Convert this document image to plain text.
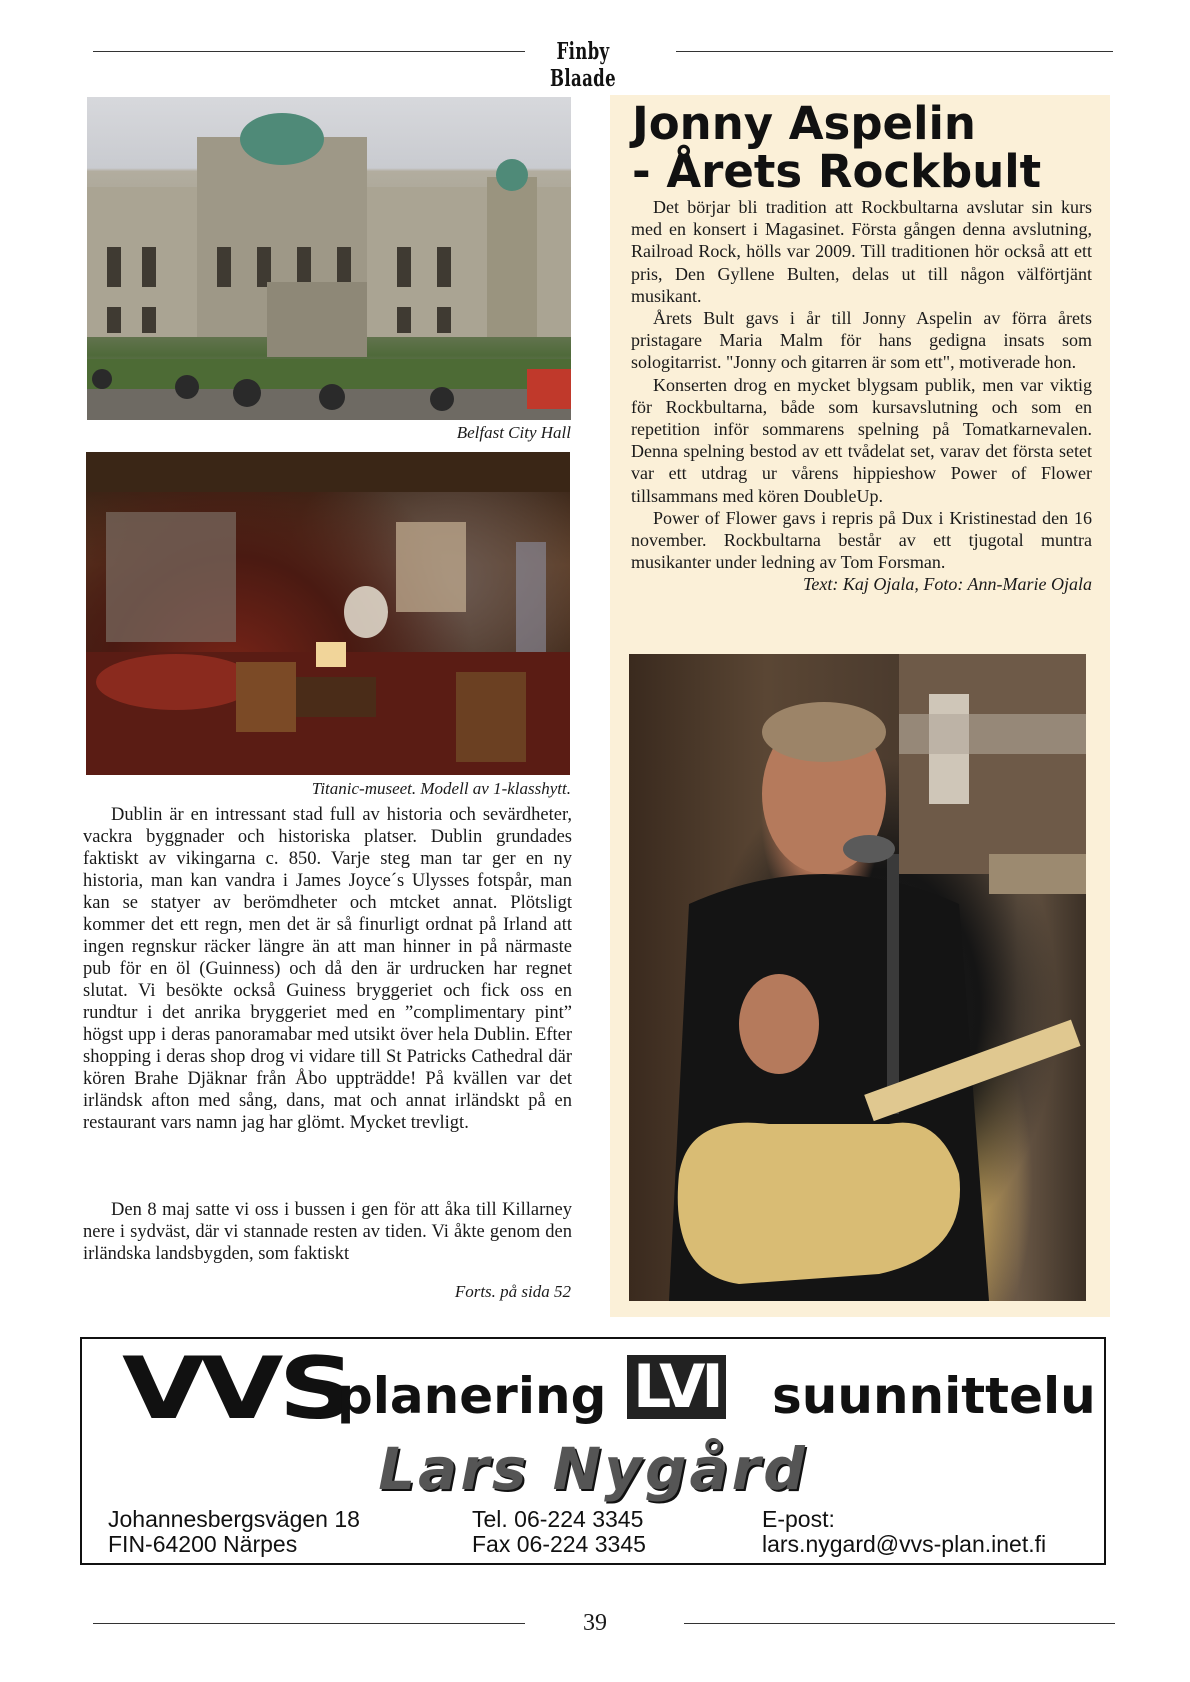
Finby Blaade
Belfast City Hall
Titanic-museet. Modell av 1-klasshytt.

Dublin är en intressant stad full av historia och sevärdheter, vackra byggnader och historiska platser. Dublin grundades faktiskt av vikingarna c. 850. Varje steg man tar ger en ny historia, man kan vandra i James Joyce´s Ulysses fotspår, man kan se statyer av berömdheter och mtcket annat. Plötsligt kommer det ett regn, men det är så finurligt ordnat på Irland att ingen regnskur räcker längre än att man hinner in på närmaste pub för en öl (Guinness) och då den är urdrucken har regnet slutat. Vi besökte också Guiness bryggeriet och fick oss en rundtur i det anrika bryggeriet med en ”complimentary pint” högst upp i deras panoramabar med utsikt över hela Dublin. Efter shopping i deras shop drog vi vidare till St Patricks Cathedral där kören Brahe Djäknar från Åbo uppträdde! På kvällen var det irländsk afton med sång, dans, mat och annat irländskt på en restaurant vars namn jag har glömt. Mycket trevligt.

Den 8 maj satte vi oss i bussen i gen för att åka till Killarney nere i sydväst, där vi stannade resten av tiden. Vi åkte genom den irländska landsbygden, som faktiskt

Forts. på sida 52
Jonny Aspelin
- Årets Rockbult

Det börjar bli tradition att Rockbultarna avslutar sin kurs med en konsert i Magasinet. Första gången denna avslutning, Railroad Rock, hölls var 2009. Till traditionen hör också att ett pris, Den Gyllene Bulten, delas ut till någon välförtjänt musikant.

Årets Bult gavs i år till Jonny Aspelin av förra årets pristagare Maria Malm för hans gedigna insats som sologitarrist. "Jonny och gitarren är som ett", motiverade hon.

Konserten drog en mycket blygsam publik, men var viktig för Rockbultarna, både som kursavslutning och som en repetition inför sommarens spelning på Tomatkarnevalen. Denna spelning bestod av ett tvådelat set, varav det första setet var ett utdrag ur vårens hippieshow Power of Flower tillsammans med kören DoubleUp.

Power of Flower gavs i repris på Dux i Kristinestad den 16 november. Rockbultarna består av ett tjugotal muntra musikanter under ledning av Tom Forsman.

Text: Kaj Ojala, Foto: Ann-Marie Ojala

VVS
planering LVI suunnittelu
Lars Nygård
Johannesbergsvägen 18
FIN-64200 Närpes
Tel. 06-224 3345
Fax 06-224 3345
E-post:
lars.nygard@vvs-plan.inet.fi
39
